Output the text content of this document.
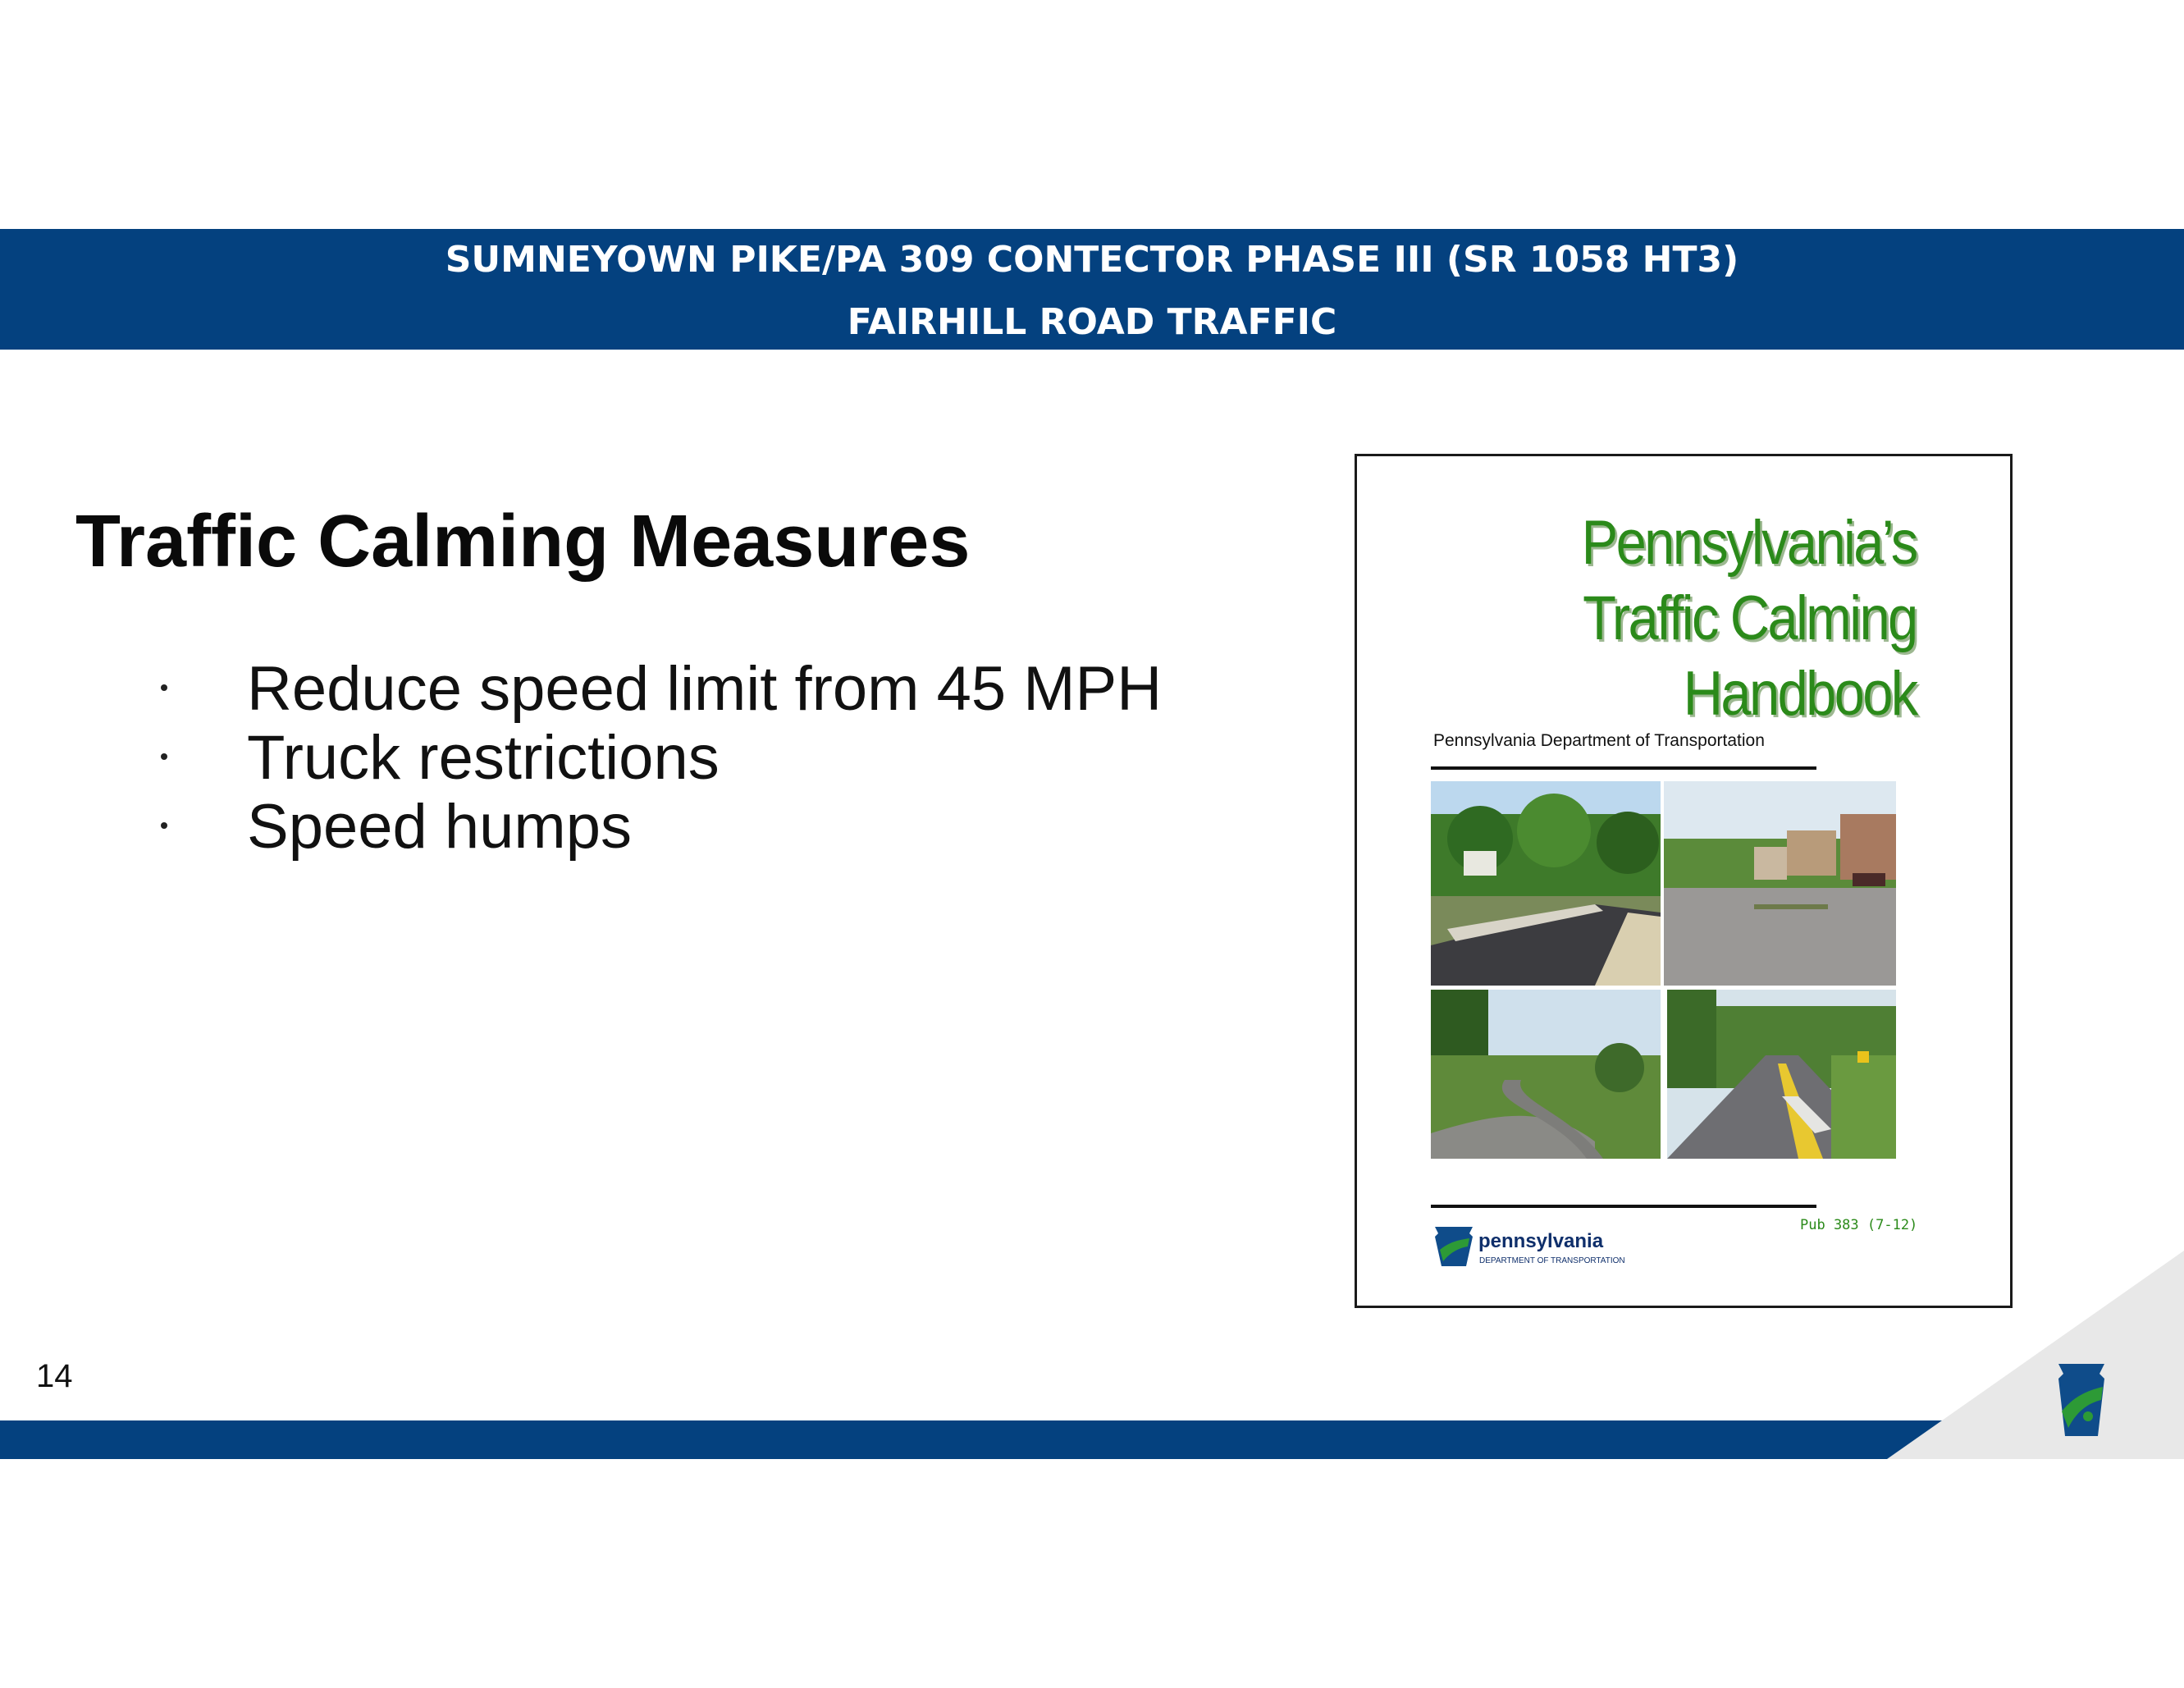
SUMNEYOWN PIKE/PA 309 CONTECTOR PHASE III (SR 1058 HT3)
FAIRHILL ROAD TRAFFIC
Traffic Calming Measures
Reduce speed limit from 45 MPH
Truck restrictions
Speed humps
Pennsylvania’s
Traffic Calming
Handbook
Pennsylvania Department of Transportation
Pub 383 (7-12)
pennsylvania
DEPARTMENT OF TRANSPORTATION
14
